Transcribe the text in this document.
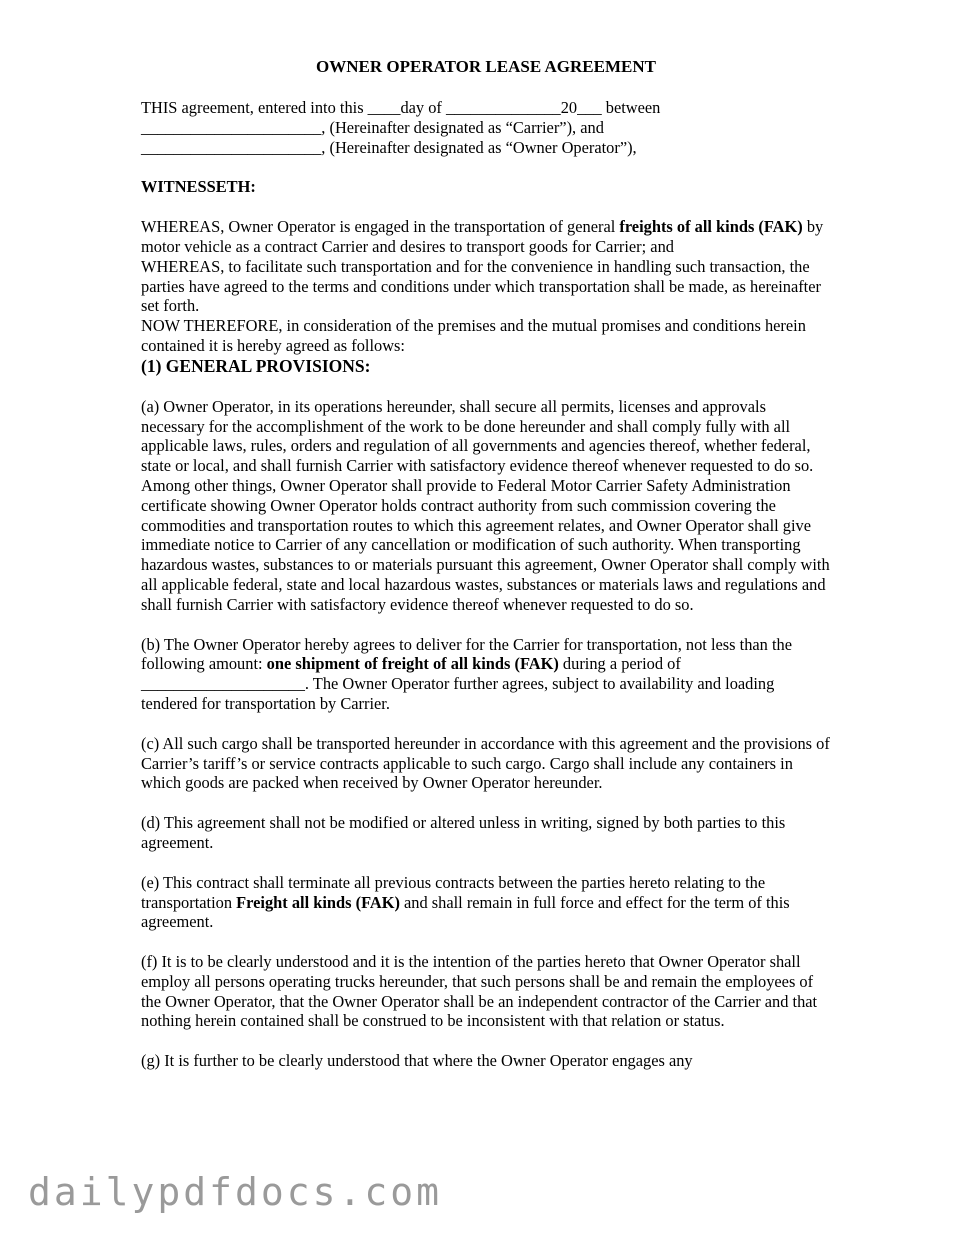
OWNER OPERATOR LEASE AGREEMENT

THIS agreement, entered into this ____day of ______________20___ between

______________________, (Hereinafter designated as “Carrier”), and

______________________, (Hereinafter designated as “Owner Operator”),

WITNESSETH:

WHEREAS, Owner Operator is engaged in the transportation of general freights of all kinds (FAK) by motor vehicle as a contract Carrier and desires to transport goods for Carrier; and

WHEREAS, to facilitate such transportation and for the convenience in handling such transaction, the parties have agreed to the terms and conditions under which transportation shall be made, as hereinafter set forth.

NOW THEREFORE, in consideration of the premises and the mutual promises and conditions herein contained it is hereby agreed as follows:

(1) GENERAL PROVISIONS:

(a) Owner Operator, in its operations hereunder, shall secure all permits, licenses and approvals necessary for the accomplishment of the work to be done hereunder and shall comply fully with all applicable laws, rules, orders and regulation of all governments and agencies thereof, whether federal, state or local, and shall furnish Carrier with satisfactory evidence thereof whenever requested to do so. Among other things, Owner Operator shall provide to Federal Motor Carrier Safety Administration certificate showing Owner Operator holds contract authority from such commission covering the commodities and transportation routes to which this agreement relates, and Owner Operator shall give immediate notice to Carrier of any cancellation or modification of such authority. When transporting hazardous wastes, substances to or materials pursuant this agreement, Owner Operator shall comply with all applicable federal, state and local hazardous wastes, substances or materials laws and regulations and shall furnish Carrier with satisfactory evidence thereof whenever requested to do so.

(b) The Owner Operator hereby agrees to deliver for the Carrier for transportation, not less than the following amount: one shipment of freight of all kinds (FAK) during a period of ____________________. The Owner Operator further agrees, subject to availability and loading tendered for transportation by Carrier.

(c) All such cargo shall be transported hereunder in accordance with this agreement and the provisions of Carrier’s tariff’s or service contracts applicable to such cargo. Cargo shall include any containers in which goods are packed when received by Owner Operator hereunder.

(d) This agreement shall not be modified or altered unless in writing, signed by both parties to this agreement.

(e) This contract shall terminate all previous contracts between the parties hereto relating to the transportation Freight all kinds (FAK) and shall remain in full force and effect for the term of this agreement.

(f) It is to be clearly understood and it is the intention of the parties hereto that Owner Operator shall employ all persons operating trucks hereunder, that such persons shall be and remain the employees of the Owner Operator, that the Owner Operator shall be an independent contractor of the Carrier and that nothing herein contained shall be construed to be inconsistent with that relation or status.

(g) It is further to be clearly understood that where the Owner Operator engages any

dailypdfdocs.com
